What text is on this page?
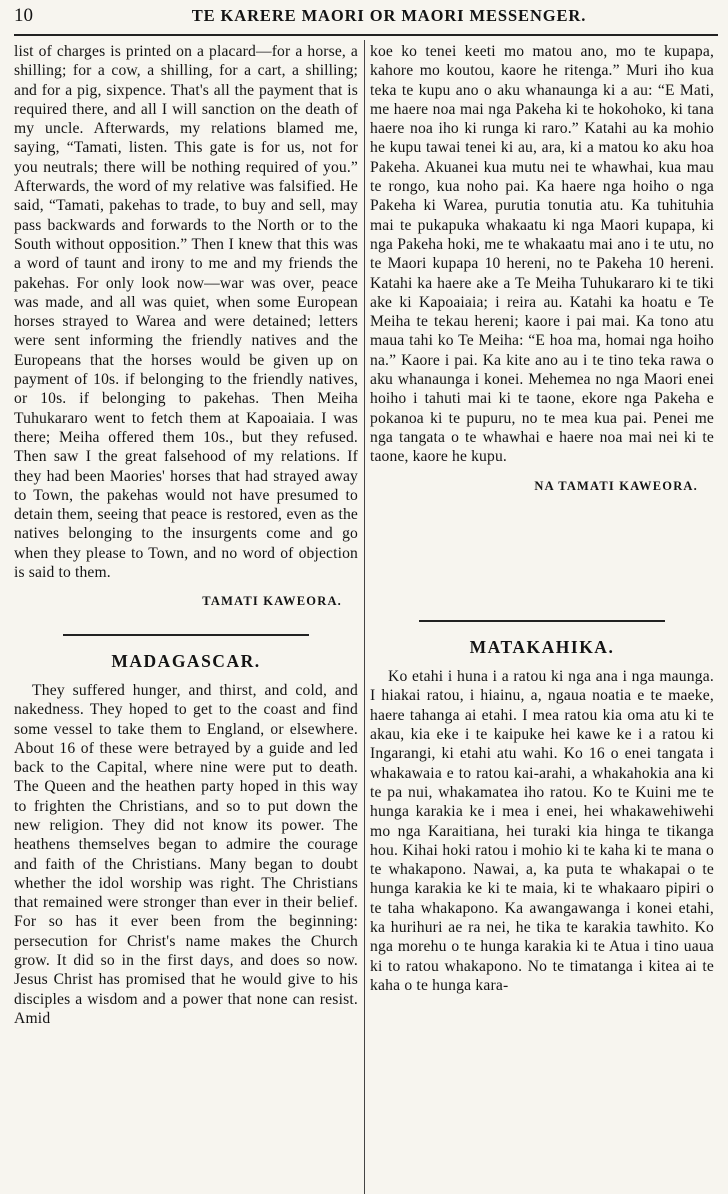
10	TE KARERE MAORI OR MAORI MESSENGER.

list of charges is printed on a placard—for a horse, a shilling; for a cow, a shilling, for a cart, a shilling; and for a pig, sixpence. That's all the payment that is required there, and all I will sanction on the death of my uncle. Afterwards, my relations blamed me, saying, “Tamati, listen. This gate is for us, not for you neutrals; there will be nothing required of you.” Afterwards, the word of my relative was falsified. He said, “Tamati, pakehas to trade, to buy and sell, may pass backwards and forwards to the North or to the South without opposition.” Then I knew that this was a word of taunt and irony to me and my friends the pakehas. For only look now—war was over, peace was made, and all was quiet, when some European horses strayed to Warea and were detained; letters were sent informing the friendly natives and the Europeans that the horses would be given up on payment of 10s. if belonging to the friendly natives, or 10s. if belonging to pakehas. Then Meiha Tuhukararo went to fetch them at Kapoaiaia. I was there; Meiha offered them 10s., but they refused. Then saw I the great falsehood of my relations. If they had been Maories' horses that had strayed away to Town, the pakehas would not have presumed to detain them, seeing that peace is restored, even as the natives belonging to the insurgents come and go when they please to Town, and no word of objection is said to them.

TAMATI KAWEORA.
MADAGASCAR.

They suffered hunger, and thirst, and cold, and nakedness. They hoped to get to the coast and find some vessel to take them to England, or elsewhere. About 16 of these were betrayed by a guide and led back to the Capital, where nine were put to death. The Queen and the heathen party hoped in this way to frighten the Christians, and so to put down the new religion. They did not know its power. The heathens themselves began to admire the courage and faith of the Christians. Many began to doubt whether the idol worship was right. The Christians that remained were stronger than ever in their belief. For so has it ever been from the beginning: persecution for Christ's name makes the Church grow. It did so in the first days, and does so now. Jesus Christ has promised that he would give to his disciples a wisdom and a power that none can resist. Amid

koe ko tenei keeti mo matou ano, mo te kupapa, kahore mo koutou, kaore he ritenga.” Muri iho kua teka te kupu ano o aku whanaunga ki a au: “E Mati, me haere noa mai nga Pakeha ki te hokohoko, ki tana haere noa iho ki runga ki raro.” Katahi au ka mohio he kupu tawai tenei ki au, ara, ki a matou ko aku hoa Pakeha. Akuanei kua mutu nei te whawhai, kua mau te rongo, kua noho pai. Ka haere nga hoiho o nga Pakeha ki Warea, purutia tonutia atu. Ka tuhituhia mai te pukapuka whakaatu ki nga Maori kupapa, ki nga Pakeha hoki, me te whakaatu mai ano i te utu, no te Maori kupapa 10 hereni, no te Pakeha 10 hereni. Katahi ka haere ake a Te Meiha Tuhukararo ki te tiki ake ki Kapoaiaia; i reira au. Katahi ka hoatu e Te Meiha te tekau hereni; kaore i pai mai. Ka tono atu maua tahi ko Te Meiha: “E hoa ma, homai nga hoiho na.” Kaore i pai. Ka kite ano au i te tino teka rawa o aku whanaunga i konei. Mehemea no nga Maori enei hoiho i tahuti mai ki te taone, ekore nga Pakeha e pokanoa ki te pupuru, no te mea kua pai. Penei me nga tangata o te whawhai e haere noa mai nei ki te taone, kaore he kupu.

NA TAMATI KAWEORA.
MATAKAHIKA.

Ko etahi i huna i a ratou ki nga ana i nga maunga. I hiakai ratou, i hiainu, a, ngaua noatia e te maeke, haere tahanga ai etahi. I mea ratou kia oma atu ki te akau, kia eke i te kaipuke hei kawe ke i a ratou ki Ingarangi, ki etahi atu wahi. Ko 16 o enei tangata i whakawaia e to ratou kai-arahi, a whakahokia ana ki te pa nui, whakamatea iho ratou. Ko te Kuini me te hunga karakia ke i mea i enei, hei whakawehiwehi mo nga Karaitiana, hei turaki kia hinga te tikanga hou. Kihai hoki ratou i mohio ki te kaha ki te mana o te whakapono. Nawai, a, ka puta te whakapai o te hunga karakia ke ki te maia, ki te whakaaro pipiri o te taha whakapono. Ka awangawanga i konei etahi, ka hurihuri ae ra nei, he tika te karakia tawhito. Ko nga morehu o te hunga karakia ki te Atua i tino uaua ki to ratou whakapono. No te timatanga i kitea ai te kaha o te hunga kara-
